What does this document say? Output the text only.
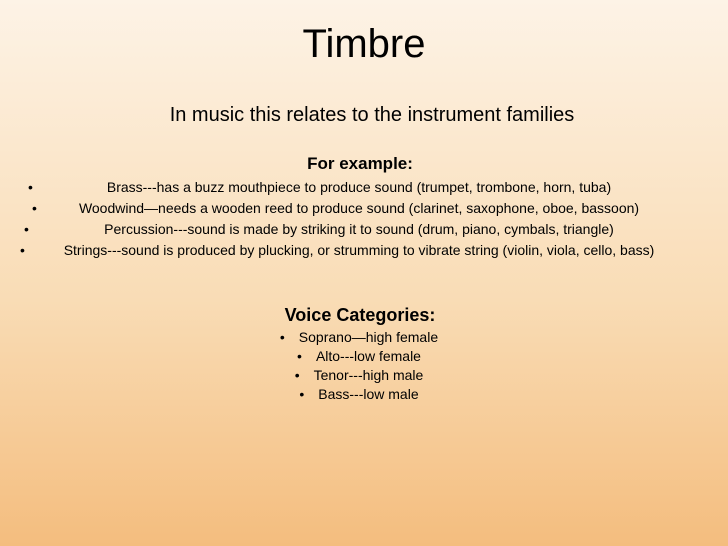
Timbre
In music this relates to the instrument families
For example:
•	Brass---has a buzz mouthpiece to produce sound (trumpet, trombone, horn, tuba)
•	Woodwind—needs a wooden reed to produce sound (clarinet, saxophone, oboe, bassoon)
•	Percussion---sound is made by striking it to sound (drum, piano, cymbals, triangle)
•	Strings---sound is produced by plucking, or strumming to vibrate string (violin, viola, cello, bass)
Voice Categories:
• Soprano—high female
• Alto---low female
• Tenor---high male
• Bass---low male
